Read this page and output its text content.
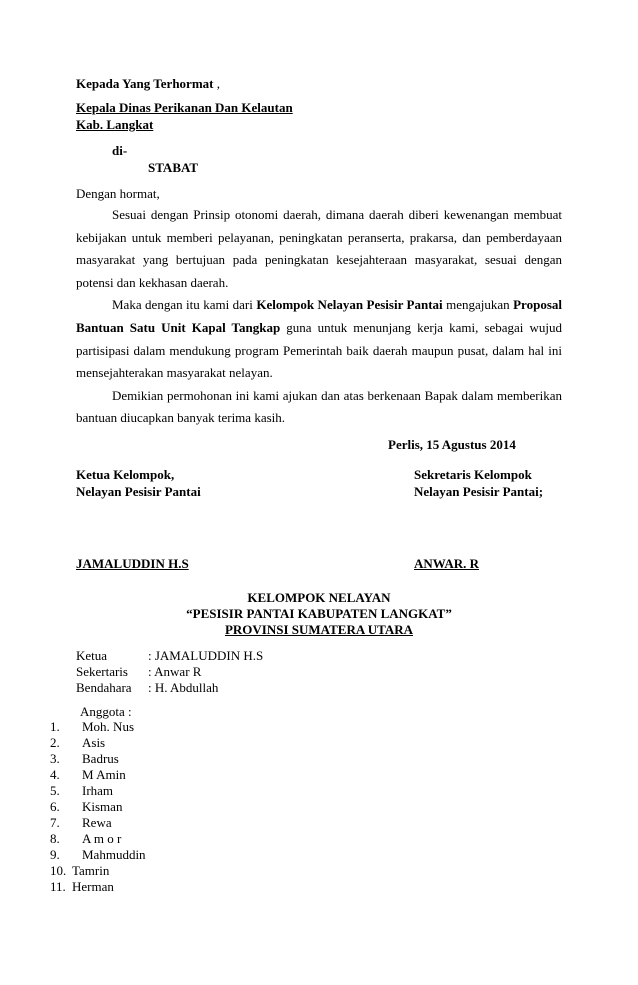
Kepada Yang Terhormat ,
Kepala Dinas Perikanan Dan Kelautan
Kab. Langkat
di-
STABAT
Dengan hormat,

Sesuai dengan Prinsip otonomi daerah, dimana daerah diberi kewenangan membuat kebijakan untuk memberi pelayanan, peningkatan peranserta, prakarsa, dan pemberdayaan masyarakat yang bertujuan pada peningkatan kesejahteraan masyarakat, sesuai dengan potensi dan kekhasan daerah.

Maka dengan itu kami dari Kelompok Nelayan Pesisir Pantai mengajukan Proposal Bantuan Satu Unit Kapal Tangkap guna untuk menunjang kerja kami, sebagai wujud partisipasi dalam mendukung program Pemerintah baik daerah maupun pusat, dalam hal ini mensejahterakan masyarakat nelayan.

Demikian permohonan ini kami ajukan dan atas berkenaan Bapak dalam memberikan bantuan diucapkan banyak terima kasih.

Perlis, 15 Agustus 2014
Ketua Kelompok,
Nelayan Pesisir Pantai
Sekretaris Kelompok
Nelayan Pesisir Pantai;
JAMALUDDIN H.S	ANWAR. R
KELOMPOK NELAYAN
“PESISIR PANTAI KABUPATEN LANGKAT”
PROVINSI SUMATERA UTARA
Ketua	: JAMALUDDIN H.S
Sekertaris : Anwar R
Bendahara : H. Abdullah
Anggota :
1. Moh. Nus
2. Asis
3. Badrus
4. M Amin
5. Irham
6. Kisman
7. Rewa
8. A m o r
9. Mahmuddin
10. Tamrin
11. Herman
